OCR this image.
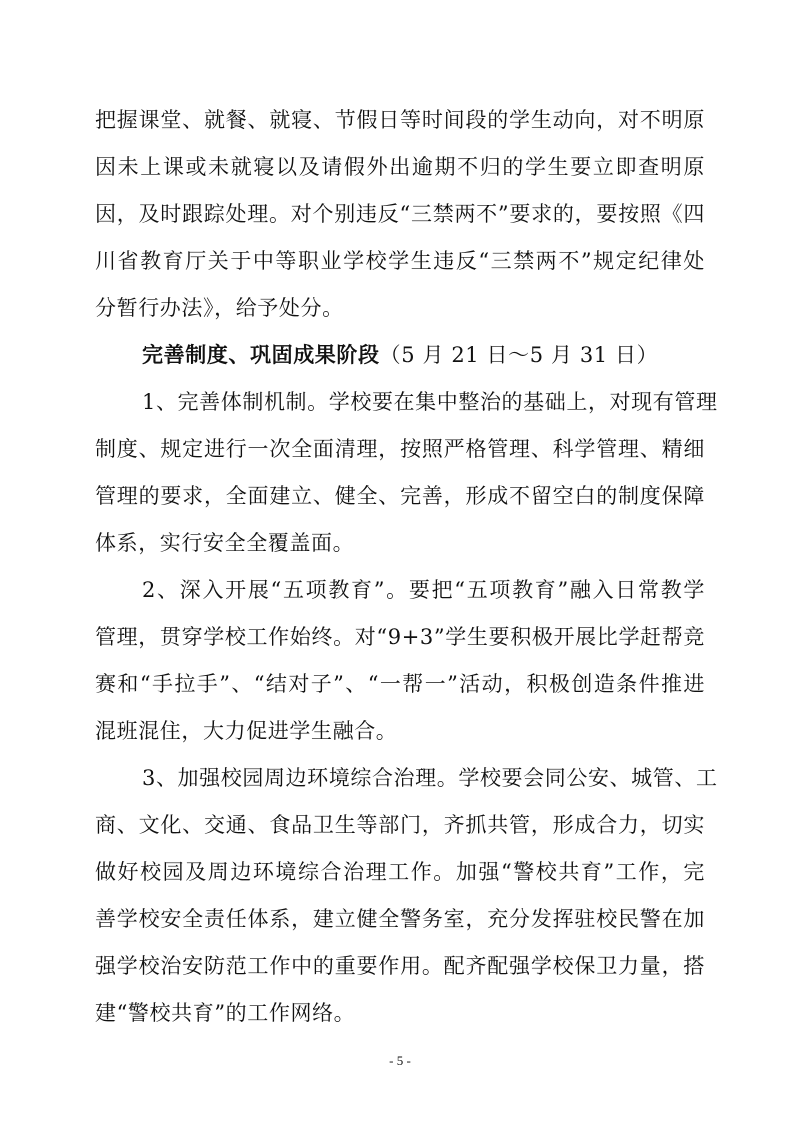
把握课堂、就餐、就寝、节假日等时间段的学生动向，对不明原
因未上课或未就寝以及请假外出逾期不归的学生要立即查明原
因，及时跟踪处理。对个别违反“三禁两不”要求的，要按照《四
川省教育厅关于中等职业学校学生违反“三禁两不”规定纪律处
分暂行办法》，给予处分。
完善制度、巩固成果阶段（5 月 21 日～5 月 31 日）
1、完善体制机制。学校要在集中整治的基础上，对现有管理
制度、规定进行一次全面清理，按照严格管理、科学管理、精细
管理的要求，全面建立、健全、完善，形成不留空白的制度保障
体系，实行安全全覆盖面。
2、深入开展“五项教育”。要把“五项教育”融入日常教学
管理，贯穿学校工作始终。对“9+3”学生要积极开展比学赶帮竞
赛和“手拉手”、“结对子”、“一帮一”活动，积极创造条件推进
混班混住，大力促进学生融合。
3、加强校园周边环境综合治理。学校要会同公安、城管、工
商、文化、交通、食品卫生等部门，齐抓共管，形成合力，切实
做好校园及周边环境综合治理工作。加强“警校共育”工作，完
善学校安全责任体系，建立健全警务室，充分发挥驻校民警在加
强学校治安防范工作中的重要作用。配齐配强学校保卫力量，搭
建“警校共育”的工作网络。
- 5 -
